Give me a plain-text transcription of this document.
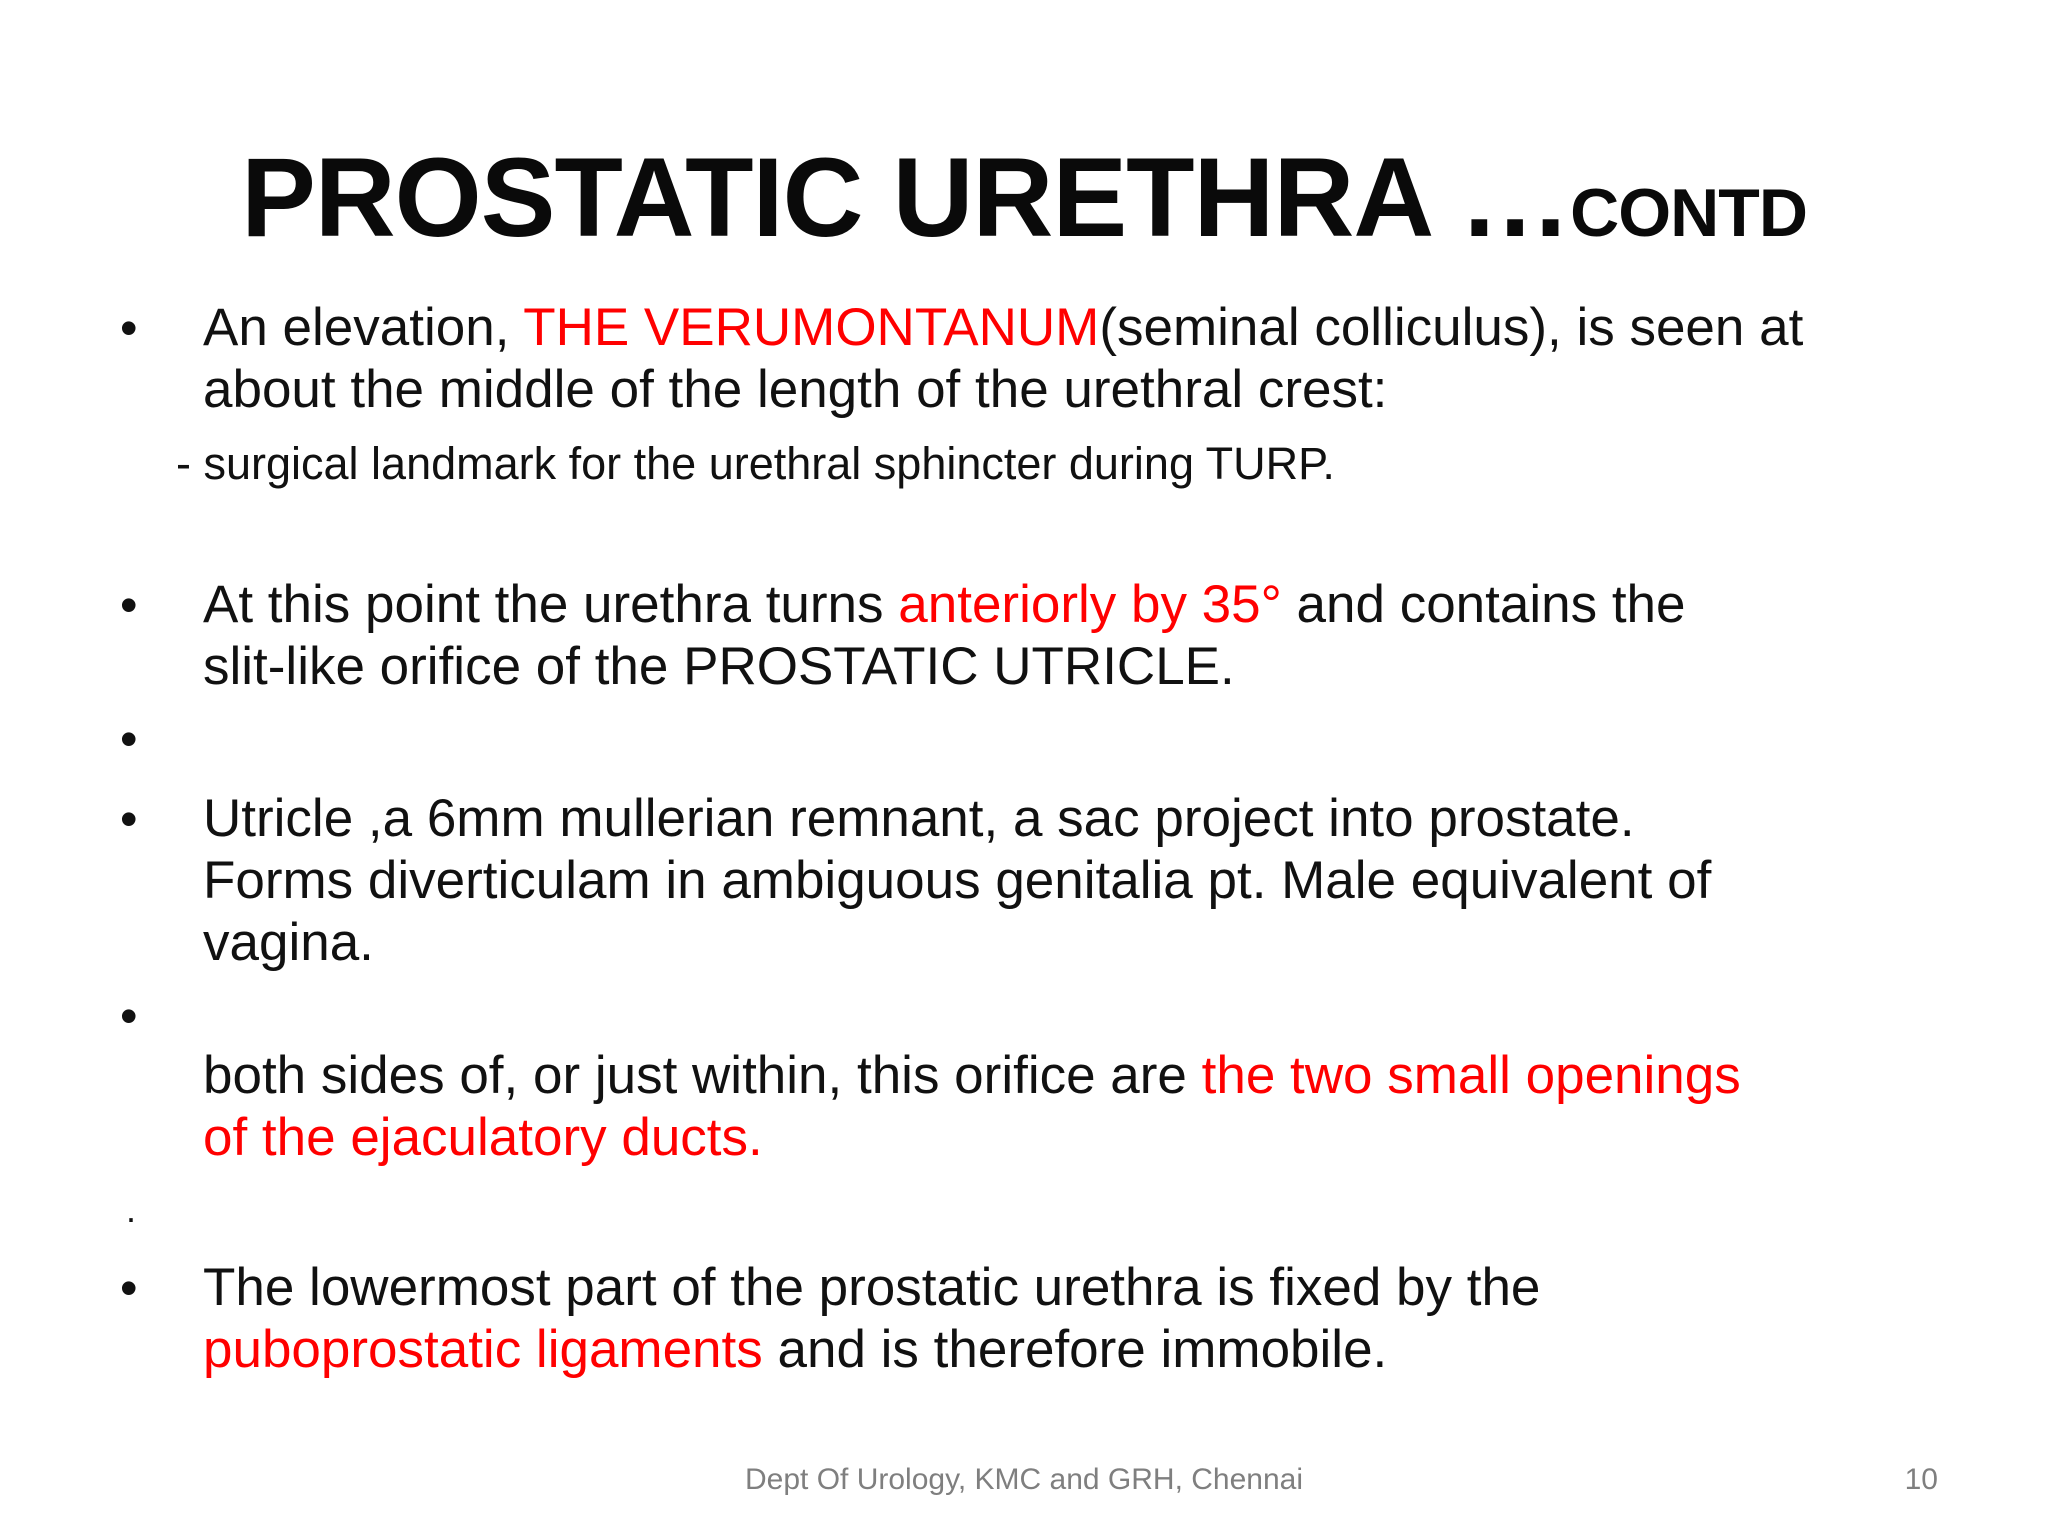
PROSTATIC URETHRA …CONTD
• An elevation, THE VERUMONTANUM(seminal colliculus), is seen at
about the middle of the length of the urethral crest:
- surgical landmark for the urethral sphincter during TURP.
• At this point the urethra turns anteriorly by 35° and contains the
slit-like orifice of the PROSTATIC UTRICLE.
•
• Utricle ,a 6mm mullerian remnant, a sac project into prostate.
Forms diverticulam in ambiguous genitalia pt. Male equivalent of
vagina.
•
both sides of, or just within, this orifice are the two small openings
of the ejaculatory ducts.
.
• The lowermost part of the prostatic urethra is fixed by the
puboprostatic ligaments and is therefore immobile.
Dept Of Urology, KMC and GRH, Chennai	10
